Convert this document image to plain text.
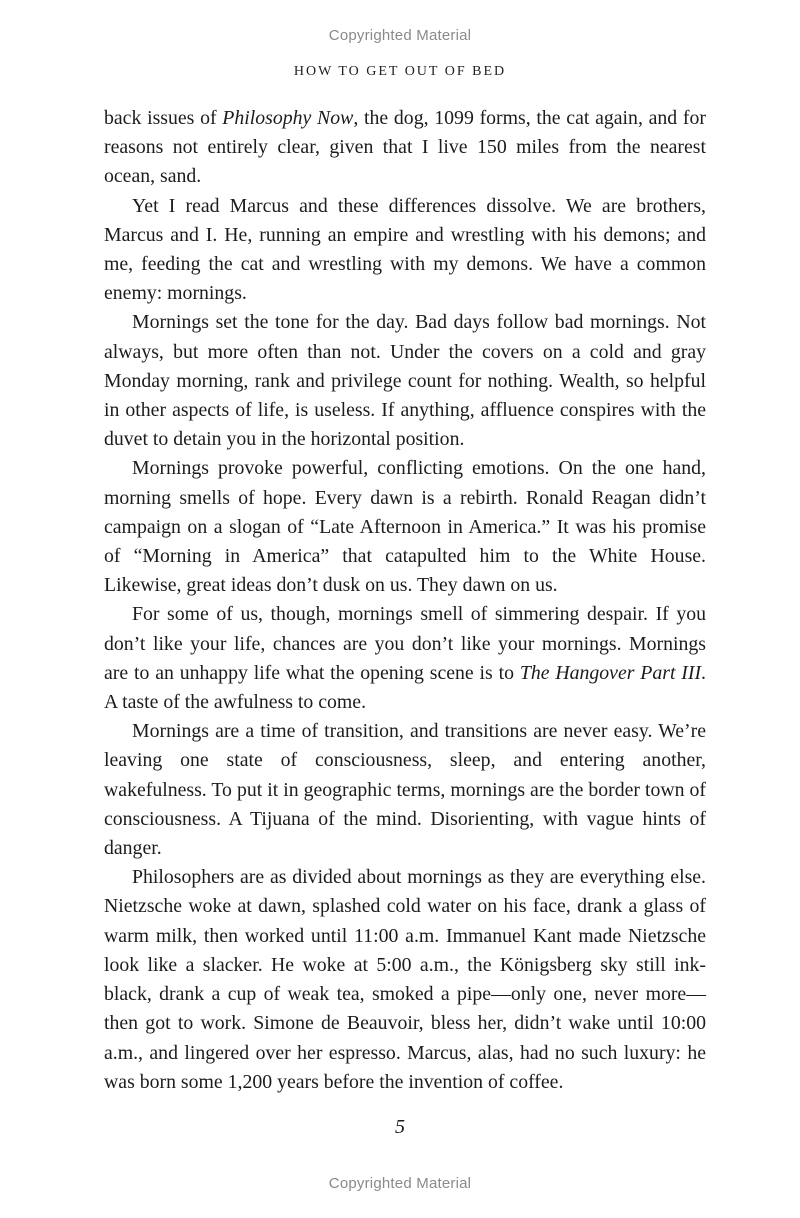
Copyrighted Material
HOW TO GET OUT OF BED

back issues of Philosophy Now, the dog, 1099 forms, the cat again, and for reasons not entirely clear, given that I live 150 miles from the nearest ocean, sand.

Yet I read Marcus and these differences dissolve. We are brothers, Marcus and I. He, running an empire and wrestling with his demons; and me, feeding the cat and wrestling with my demons. We have a common enemy: mornings.

Mornings set the tone for the day. Bad days follow bad mornings. Not always, but more often than not. Under the covers on a cold and gray Monday morning, rank and privilege count for nothing. Wealth, so helpful in other aspects of life, is useless. If anything, affluence conspires with the duvet to detain you in the horizontal position.

Mornings provoke powerful, conflicting emotions. On the one hand, morning smells of hope. Every dawn is a rebirth. Ronald Reagan didn’t campaign on a slogan of “Late Afternoon in America.” It was his promise of “Morning in America” that catapulted him to the White House. Likewise, great ideas don’t dusk on us. They dawn on us.

For some of us, though, mornings smell of simmering despair. If you don’t like your life, chances are you don’t like your mornings. Mornings are to an unhappy life what the opening scene is to The Hangover Part III. A taste of the awfulness to come.

Mornings are a time of transition, and transitions are never easy. We’re leaving one state of consciousness, sleep, and entering another, wakefulness. To put it in geographic terms, mornings are the border town of consciousness. A Tijuana of the mind. Disorienting, with vague hints of danger.

Philosophers are as divided about mornings as they are everything else. Nietzsche woke at dawn, splashed cold water on his face, drank a glass of warm milk, then worked until 11:00 a.m. Immanuel Kant made Nietzsche look like a slacker. He woke at 5:00 a.m., the Königsberg sky still ink-black, drank a cup of weak tea, smoked a pipe—only one, never more—then got to work. Simone de Beauvoir, bless her, didn’t wake until 10:00 a.m., and lingered over her espresso. Marcus, alas, had no such luxury: he was born some 1,200 years before the invention of coffee.

5
Copyrighted Material
